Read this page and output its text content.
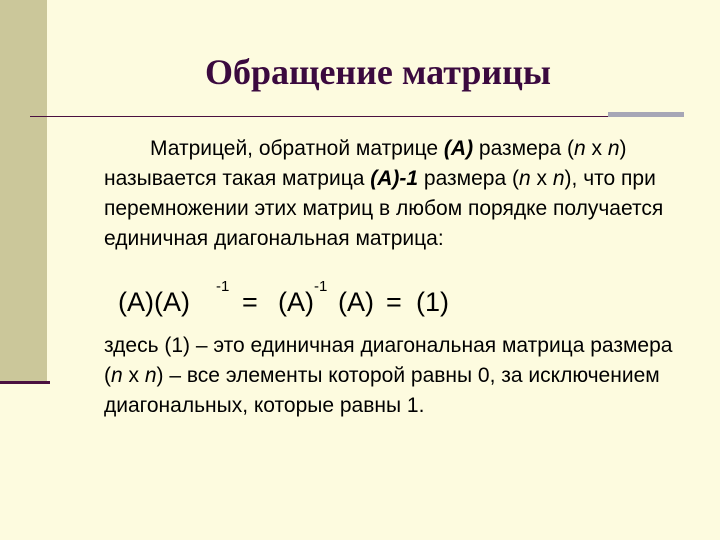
Обращение матрицы
Матрицей, обратной матрице (A) размера (n x n) называется такая матрица (A)-1 размера (n x n), что при перемножении этих матриц в любом порядке получается единичная диагональная матрица:
(A)(A)
-1
= (A)
-1
(A) = (1)
здесь (1) – это единичная диагональная матрица размера (n x n) – все элементы которой равны 0, за исключением диагональных, которые равны 1.
